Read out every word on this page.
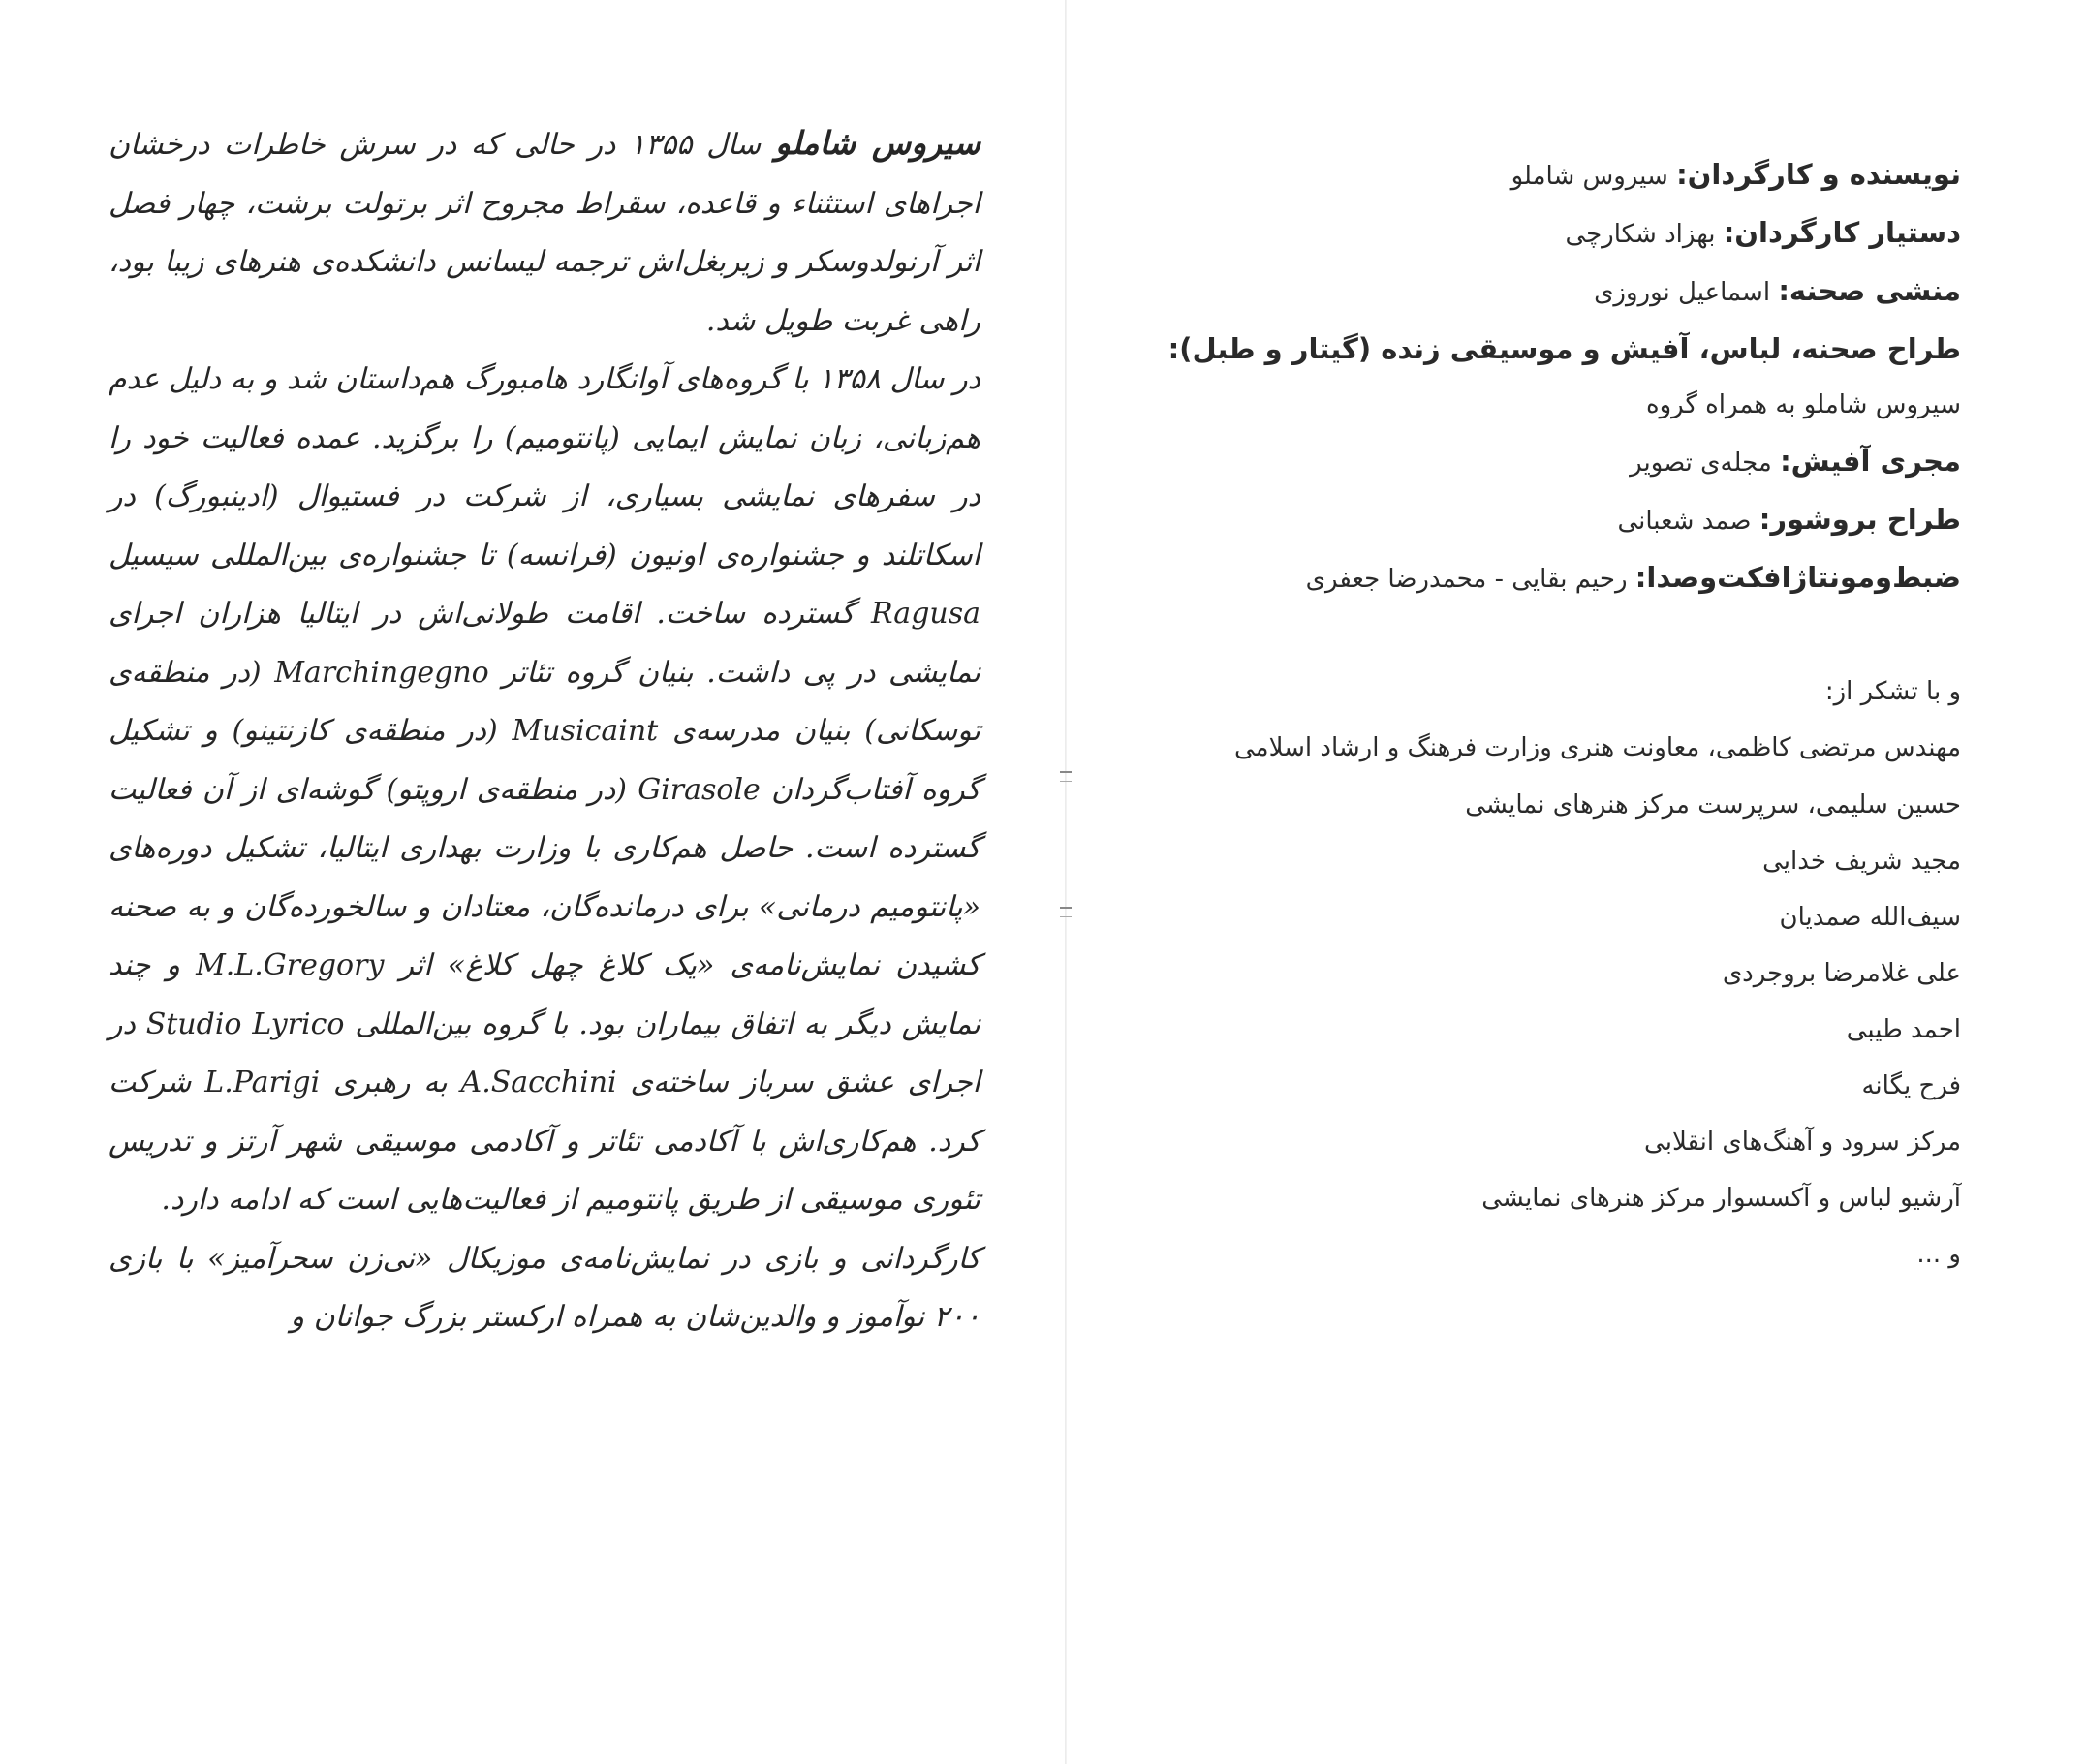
سیروس شاملو سال ۱۳۵۵ در حالی که در سرش خاطرات درخشان اجراهای استثناء و قاعده، سقراط مجروح اثر برتولت برشت، چهار فصل اثر آرنولدوسکر و زیربغل‌اش ترجمه لیسانس دانشکده‌ی هنرهای زیبا بود، راهی غربت طویل شد.

در سال ۱۳۵۸ با گروه‌های آوانگارد هامبورگ هم‌داستان شد و به دلیل عدم هم‌زبانی، زبان نمایش ایمایی (پانتومیم) را برگزید. عمده فعالیت خود را در سفرهای نمایشی بسیاری، از شرکت در فستیوال (ادینبورگ) در اسکاتلند و جشنواره‌ی اونیون (فرانسه) تا جشنواره‌ی بین‌المللی سیسیل Ragusa گسترده ساخت. اقامت طولانی‌اش در ایتالیا هزاران اجرای نمایشی در پی داشت. بنیان گروه تئاتر Marchingegno (در منطقه‌ی توسکانی) بنیان مدرسه‌ی Musicaint (در منطقه‌ی کازنتینو) و تشکیل گروه آفتاب‌گردان Girasole (در منطقه‌ی اروپتو) گوشه‌ای از آن فعالیت گسترده است. حاصل هم‌کاری با وزارت بهداری ایتالیا، تشکیل دوره‌های «پانتومیم درمانی» برای درمانده‌گان، معتادان و سالخورده‌گان و به صحنه کشیدن نمایش‌نامه‌ی «یک کلاغ چهل کلاغ» اثر M.L.Gregory و چند نمایش دیگر به اتفاق بیماران بود. با گروه بین‌المللی Studio Lyrico در اجرای عشق سرباز ساخته‌ی A.Sacchini به رهبری L.Parigi شرکت کرد. هم‌کاری‌اش با آکادمی تئاتر و آکادمی موسیقی شهر آرتز و تدریس تئوری موسیقی از طریق پانتومیم از فعالیت‌هایی است که ادامه دارد.

کارگردانی و بازی در نمایش‌نامه‌ی موزیکال «نی‌زن سحرآمیز» با بازی ۲۰۰ نوآموز و والدین‌شان به همراه ارکستر بزرگ جوانان و

نویسنده و کارگردان: سیروس شاملو
دستیار کارگردان: بهزاد شکارچی
منشی صحنه: اسماعیل نوروزی
طراح صحنه، لباس، آفیش و موسیقی زنده (گیتار و طبل):
سیروس شاملو به همراه گروه
مجری آفیش: مجله‌ی تصویر
طراح بروشور: صمد شعبانی
ضبط‌ومونتاژ‌افکت‌وصدا: رحیم بقایی - محمدرضا جعفری
و با تشکر از:
مهندس مرتضی کاظمی، معاونت هنری وزارت فرهنگ و ارشاد اسلامی
حسین سلیمی، سرپرست مرکز هنرهای نمایشی
مجید شریف خدایی
سیف‌الله صمدیان
علی غلامرضا بروجردی
احمد طیبی
فرح یگانه
مرکز سرود و آهنگ‌های انقلابی
آرشیو لباس و آکسسوار مرکز هنرهای نمایشی
و ...
